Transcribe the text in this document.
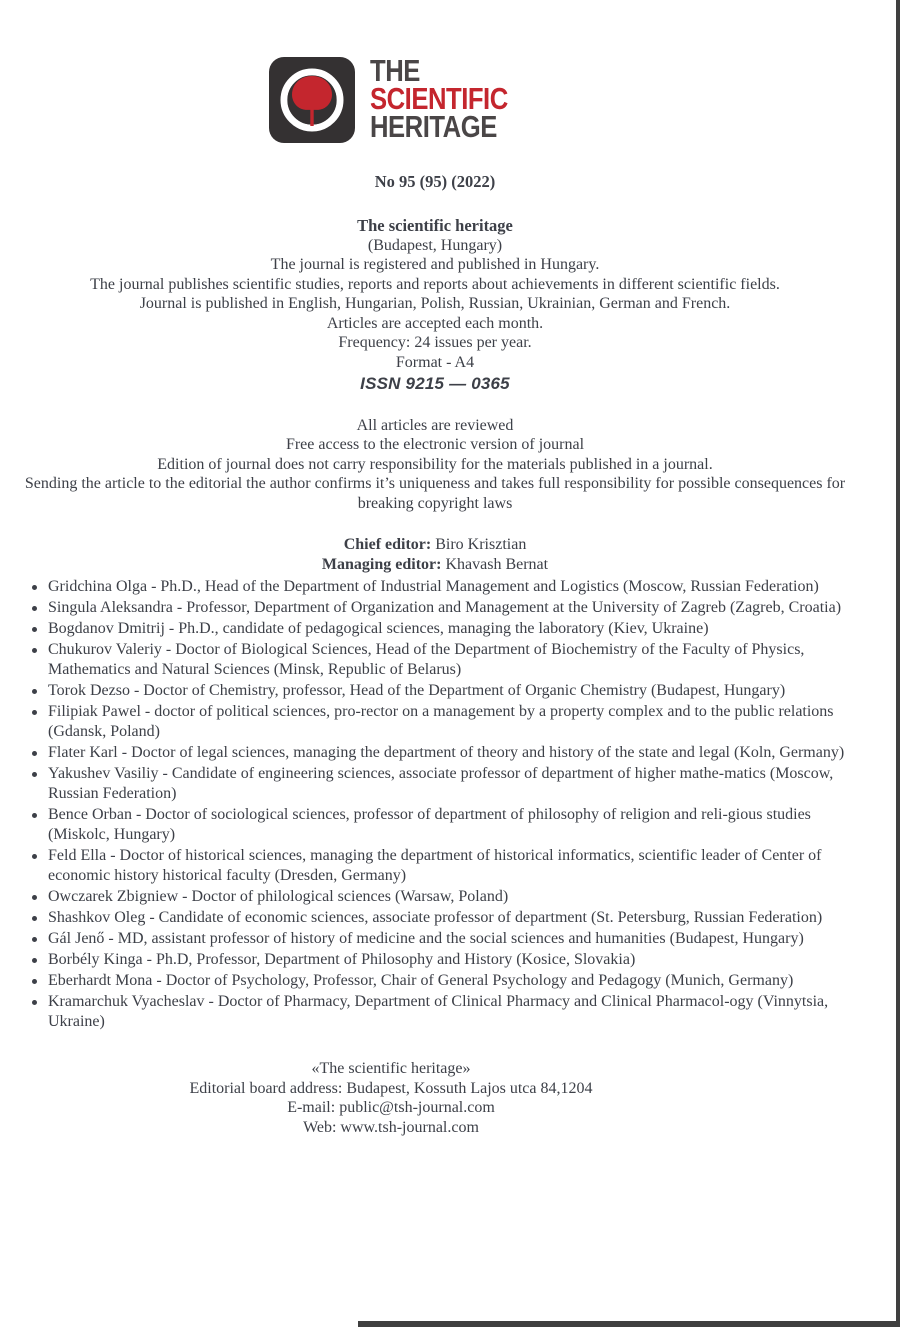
THE
SCIENTIFIC
HERITAGE
No 95 (95) (2022)
The scientific heritage
(Budapest, Hungary)
The journal is registered and published in Hungary.
The journal publishes scientific studies, reports and reports about achievements in different scientific fields.
Journal is published in English, Hungarian, Polish, Russian, Ukrainian, German and French.
Articles are accepted each month.
Frequency: 24 issues per year.
Format - A4
ISSN 9215 — 0365
All articles are reviewed
Free access to the electronic version of journal
Edition of journal does not carry responsibility for the materials published in a journal.
Sending the article to the editorial the author confirms it’s uniqueness and takes full responsibility for possible consequences for breaking copyright laws
Chief editor: Biro Krisztian
Managing editor: Khavash Bernat
Gridchina Olga - Ph.D., Head of the Department of Industrial Management and Logistics (Moscow, Russian Federation)
Singula Aleksandra - Professor, Department of Organization and Management at the University of Zagreb (Zagreb, Croatia)
Bogdanov Dmitrij - Ph.D., candidate of pedagogical sciences, managing the laboratory (Kiev, Ukraine)
Chukurov Valeriy - Doctor of Biological Sciences, Head of the Department of Biochemistry of the Faculty of Physics, Mathematics and Natural Sciences (Minsk, Republic of Belarus)
Torok Dezso - Doctor of Chemistry, professor, Head of the Department of Organic Chemistry (Budapest, Hungary)
Filipiak Pawel - doctor of political sciences, pro-rector on a management by a property complex and to the public relations (Gdansk, Poland)
Flater Karl - Doctor of legal sciences, managing the department of theory and history of the state and legal (Koln, Germany)
Yakushev Vasiliy - Candidate of engineering sciences, associate professor of department of higher mathe-matics (Moscow, Russian Federation)
Bence Orban - Doctor of sociological sciences, professor of department of philosophy of religion and reli-gious studies (Miskolc, Hungary)
Feld Ella - Doctor of historical sciences, managing the department of historical informatics, scientific leader of Center of economic history historical faculty (Dresden, Germany)
Owczarek Zbigniew - Doctor of philological sciences (Warsaw, Poland)
Shashkov Oleg - Candidate of economic sciences, associate professor of department (St. Petersburg, Russian Federation)
Gál Jenő - MD, assistant professor of history of medicine and the social sciences and humanities (Budapest, Hungary)
Borbély Kinga - Ph.D, Professor, Department of Philosophy and History (Kosice, Slovakia)
Eberhardt Mona - Doctor of Psychology, Professor, Chair of General Psychology and Pedagogy (Munich, Germany)
Kramarchuk Vyacheslav - Doctor of Pharmacy, Department of Clinical Pharmacy and Clinical Pharmacol-ogy (Vinnytsia, Ukraine)
«The scientific heritage»
Editorial board address: Budapest, Kossuth Lajos utca 84,1204
E-mail: public@tsh-journal.com
Web: www.tsh-journal.com
